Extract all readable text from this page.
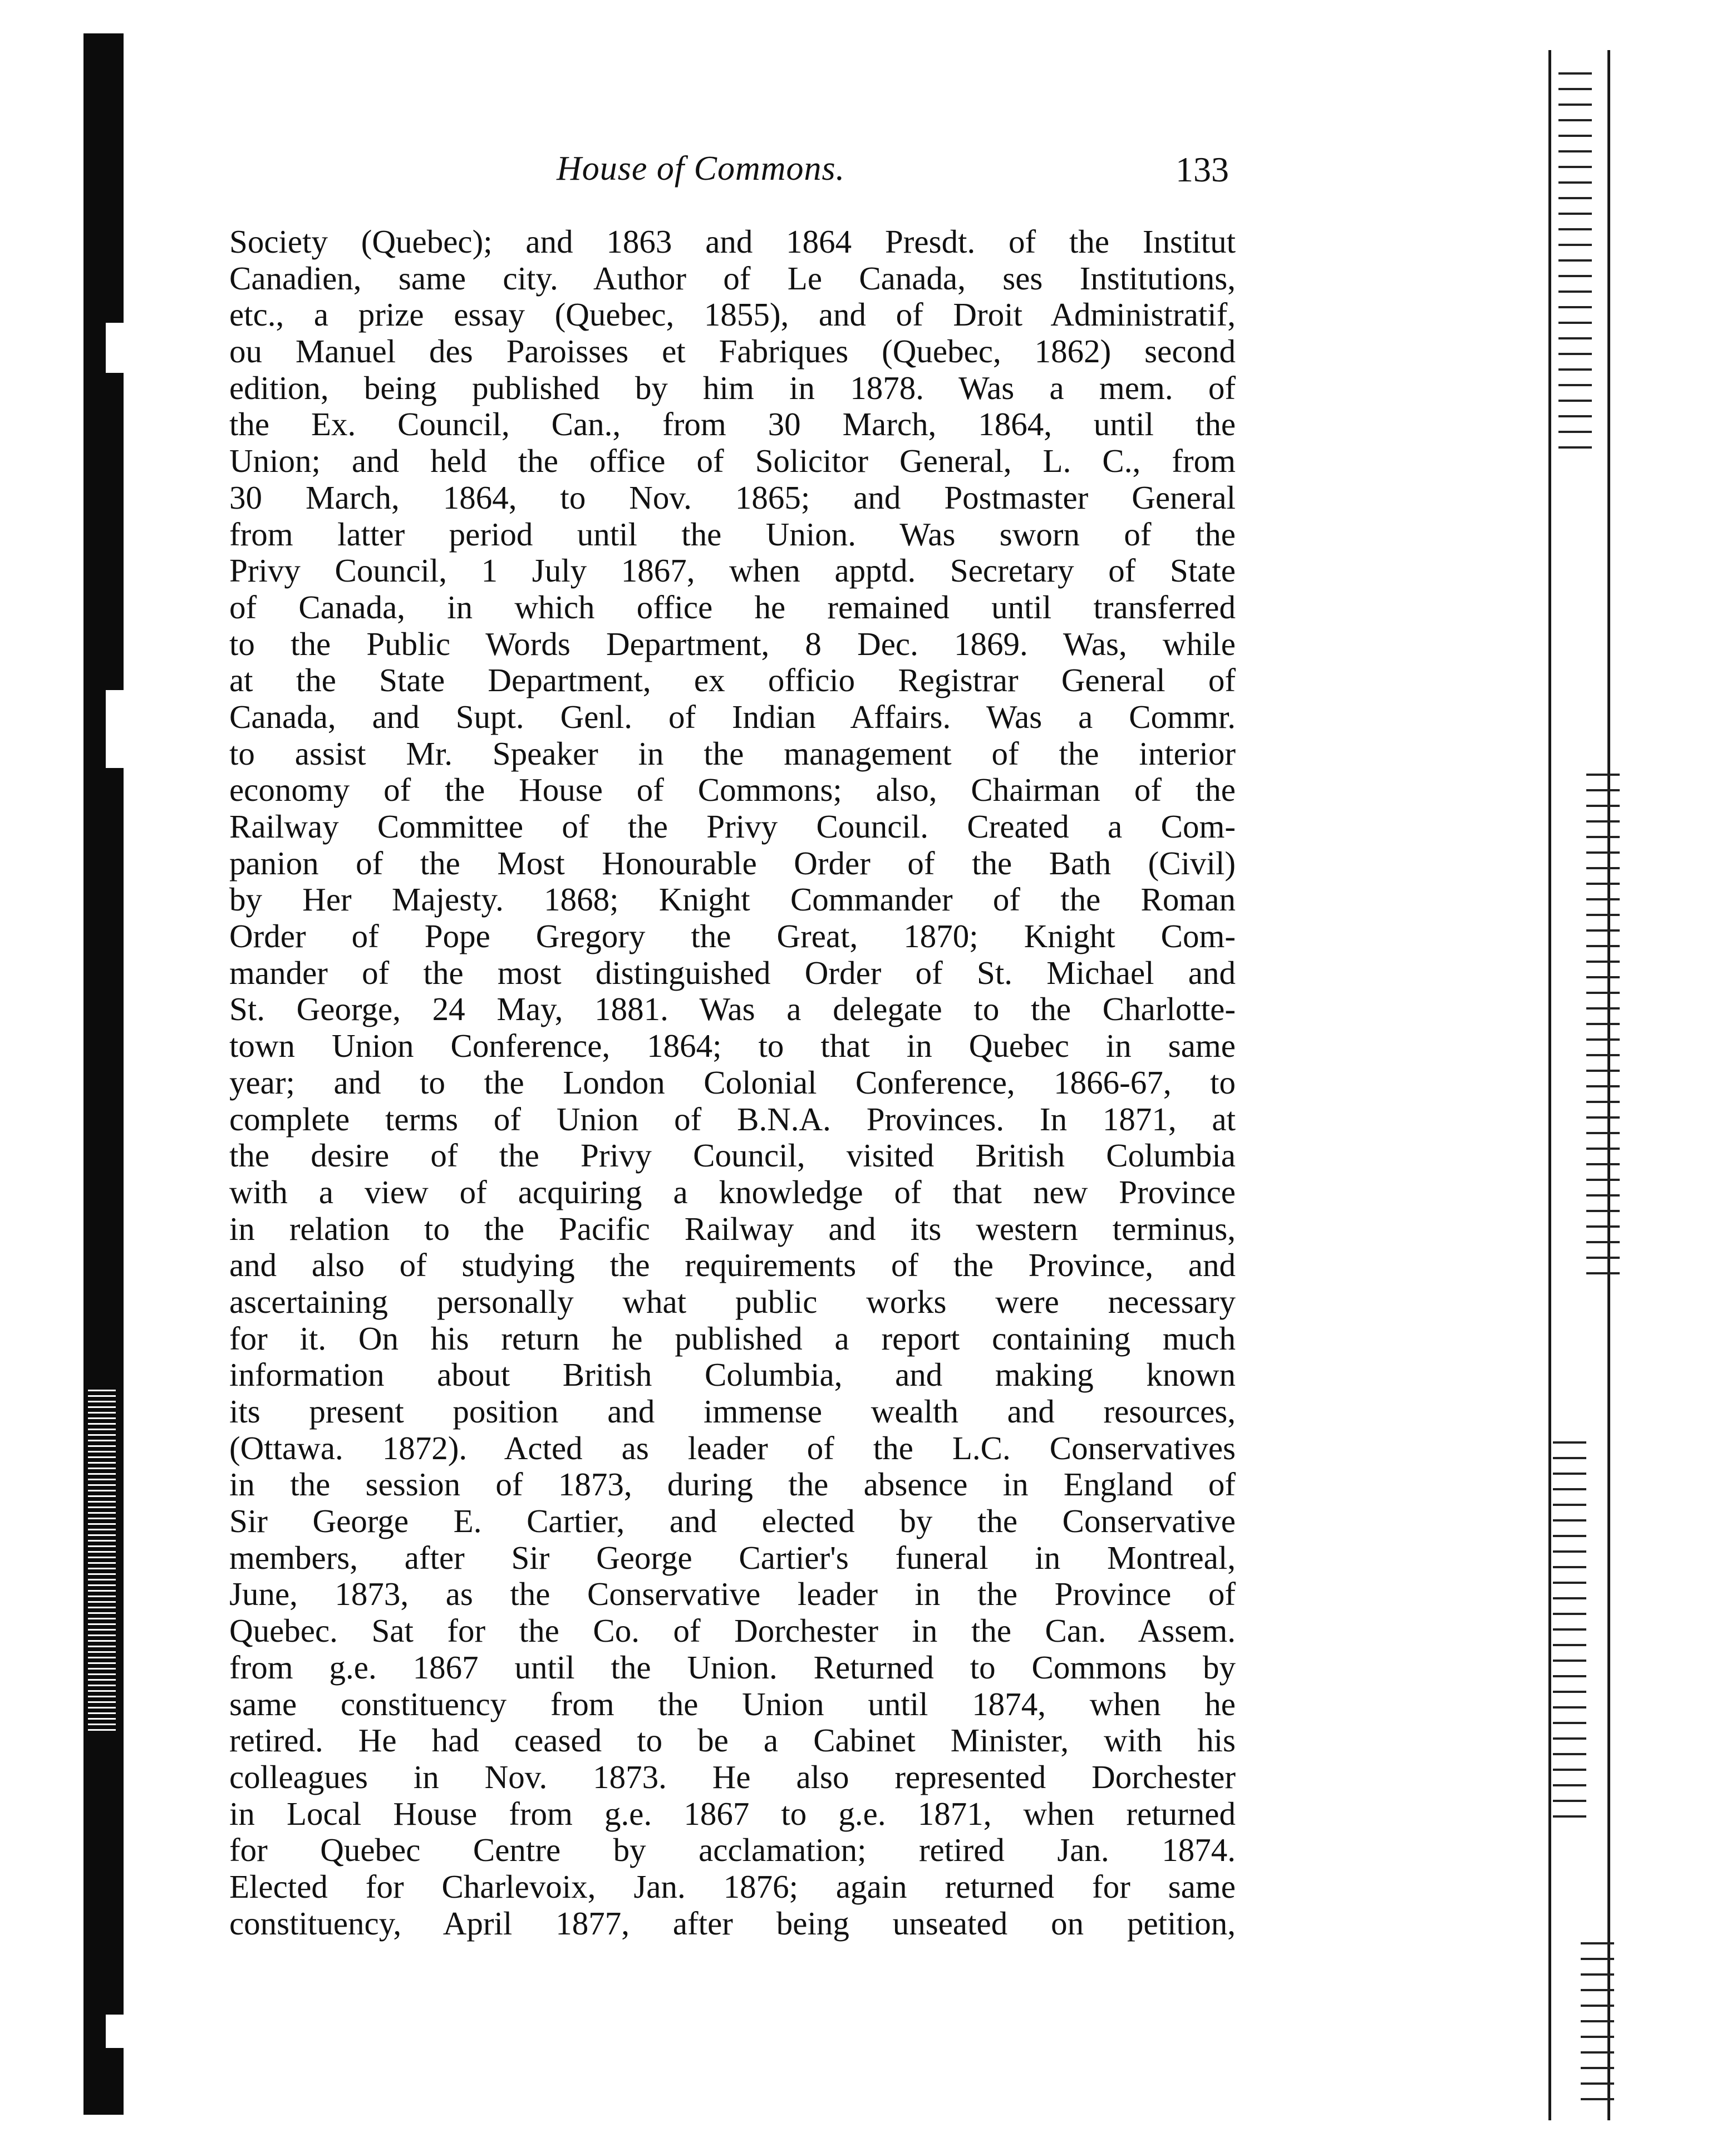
House of Commons.	133
Society (Quebec); and 1863 and 1864 Presdt. of the Institut
Canadien, same city. Author of Le Canada, ses Institutions,
etc., a prize essay (Quebec, 1855), and of Droit Administratif,
ou Manuel des Paroisses et Fabriques (Quebec, 1862) second
edition, being published by him in 1878. Was a mem. of
the Ex. Council, Can., from 30 March, 1864, until the
Union; and held the office of Solicitor General, L. C., from
30 March, 1864, to Nov. 1865; and Postmaster General
from latter period until the Union. Was sworn of the
Privy Council, 1 July 1867, when apptd. Secretary of State
of Canada, in which office he remained until transferred
to the Public Words Department, 8 Dec. 1869. Was, while
at the State Department, ex officio Registrar General of
Canada, and Supt. Genl. of Indian Affairs. Was a Commr.
to assist Mr. Speaker in the management of the interior
economy of the House of Commons; also, Chairman of the
Railway Committee of the Privy Council. Created a Com-
panion of the Most Honourable Order of the Bath (Civil)
by Her Majesty. 1868; Knight Commander of the Roman
Order of Pope Gregory the Great, 1870; Knight Com-
mander of the most distinguished Order of St. Michael and
St. George, 24 May, 1881. Was a delegate to the Charlotte-
town Union Conference, 1864; to that in Quebec in same
year; and to the London Colonial Conference, 1866-67, to
complete terms of Union of B.N.A. Provinces. In 1871, at
the desire of the Privy Council, visited British Columbia
with a view of acquiring a knowledge of that new Province
in relation to the Pacific Railway and its western terminus,
and also of studying the requirements of the Province, and
ascertaining personally what public works were necessary
for it. On his return he published a report containing much
information about British Columbia, and making known
its present position and immense wealth and resources,
(Ottawa. 1872). Acted as leader of the L.C. Conservatives
in the session of 1873, during the absence in England of
Sir George E. Cartier, and elected by the Conservative
members, after Sir George Cartier's funeral in Montreal,
June, 1873, as the Conservative leader in the Province of
Quebec. Sat for the Co. of Dorchester in the Can. Assem.
from g.e. 1867 until the Union. Returned to Commons by
same constituency from the Union until 1874, when he
retired. He had ceased to be a Cabinet Minister, with his
colleagues in Nov. 1873. He also represented Dorchester
in Local House from g.e. 1867 to g.e. 1871, when returned
for Quebec Centre by acclamation; retired Jan. 1874.
Elected for Charlevoix, Jan. 1876; again returned for same
constituency, April 1877, after being unseated on petition,
